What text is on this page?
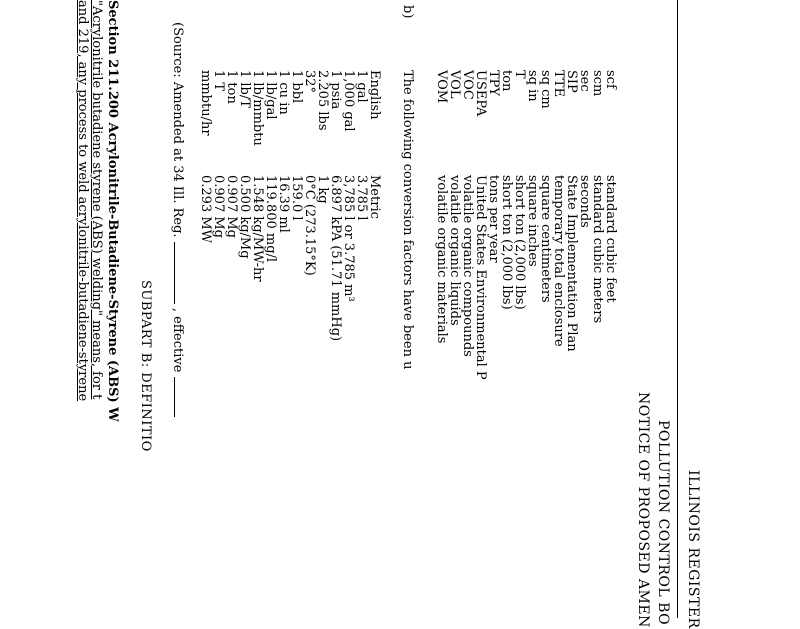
ILLINOIS REGISTER
POLLUTION CONTROL BO
NOTICE OF PROPOSED AMEN
scf
standard cubic feet
scm
standard cubic meters
sec
seconds
SIP
State Implementation Plan
TTE
temporary total enclosure
sq cm
square centimeters
sq in
square inches
T
short ton (2,000 lbs)
ton
short ton (2,000 lbs)
TPY
tons per year
USEPA
United States Environmental P
VOC
volatile organic compounds
VOL
volatile organic liquids
VOM
volatile organic materials
b)
The following conversion factors have been u
English
Metric
1 gal
3.785 l
1,000 gal
3,785 l or 3.785 m³
1 psia
6.897 kPA (51.71 mmHg)
2.205 lbs
1 kg
32°
0°C (273.15°K)
1 bbl
159.0 l
1 cu in
16.39 ml
1 lb/gal
119.800 mg/l
1 lb/mmbtu
1.548 kg/MW-hr
1 lb/T
0.500 kg/Mg
1 ton
0.907 Mg
1 T
0.907 Mg
mmbtu/hr
0.293 MW
(Source: Amended at 34 Ill. Reg.  , effective
SUBPART B: DEFINITIO
Section 211.200 Acrylonitrile-Butadiene-Styrene (ABS) W
"Acrylonitrile butadiene styrene (ABS) welding" means, for t
and 219, any process to weld acrylonitrile-butadiene-styrene
